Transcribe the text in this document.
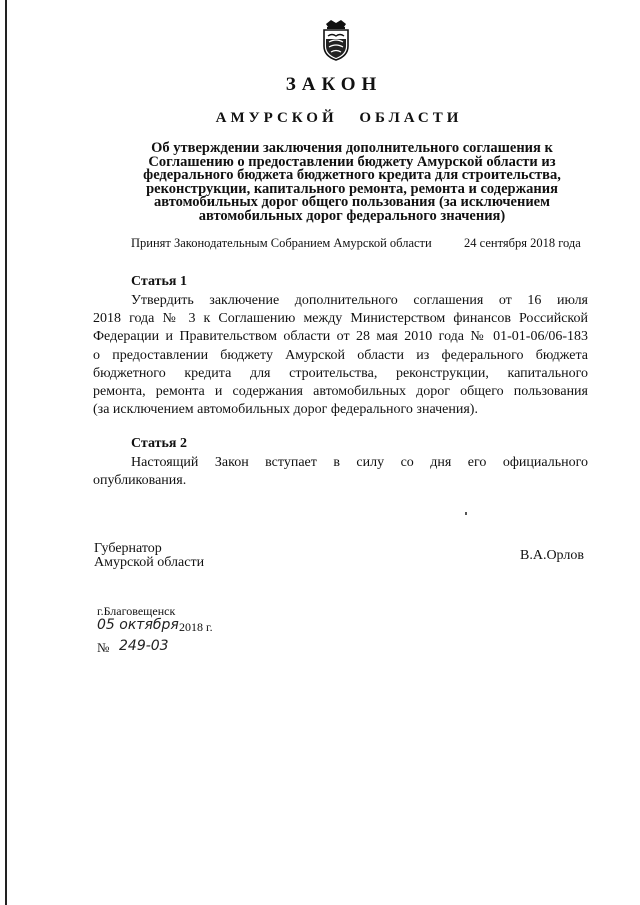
ЗАКОН
АМУРСКОЙ ОБЛАСТИ

Об утверждении заключения дополнительного соглашения к
Соглашению о предоставлении бюджету Амурской области из
федерального бюджета бюджетного кредита для строительства,
реконструкции, капитального ремонта, ремонта и содержания
автомобильных дорог общего пользования (за исключением
автомобильных дорог федерального значения)

Принят Законодательным Собранием Амурской области	24 сентября 2018 года
Статья 1

Утвердить заключение дополнительного соглашения от 16 июля
2018 года № 3 к Соглашению между Министерством финансов Российской
Федерации и Правительством области от 28 мая 2010 года № 01-01-06/06-183
о предоставлении бюджету Амурской области из федерального бюджета
бюджетного кредита для строительства, реконструкции, капитального
ремонта, ремонта и содержания автомобильных дорог общего пользования
(за исключением автомобильных дорог федерального значения).

Статья 2

Настоящий Закон вступает в силу со дня его официального
опубликования.

Губернатор
Амурской области	В.А.Орлов

г.Благовещенск

05 октября 2018 г.
№ 249-03
